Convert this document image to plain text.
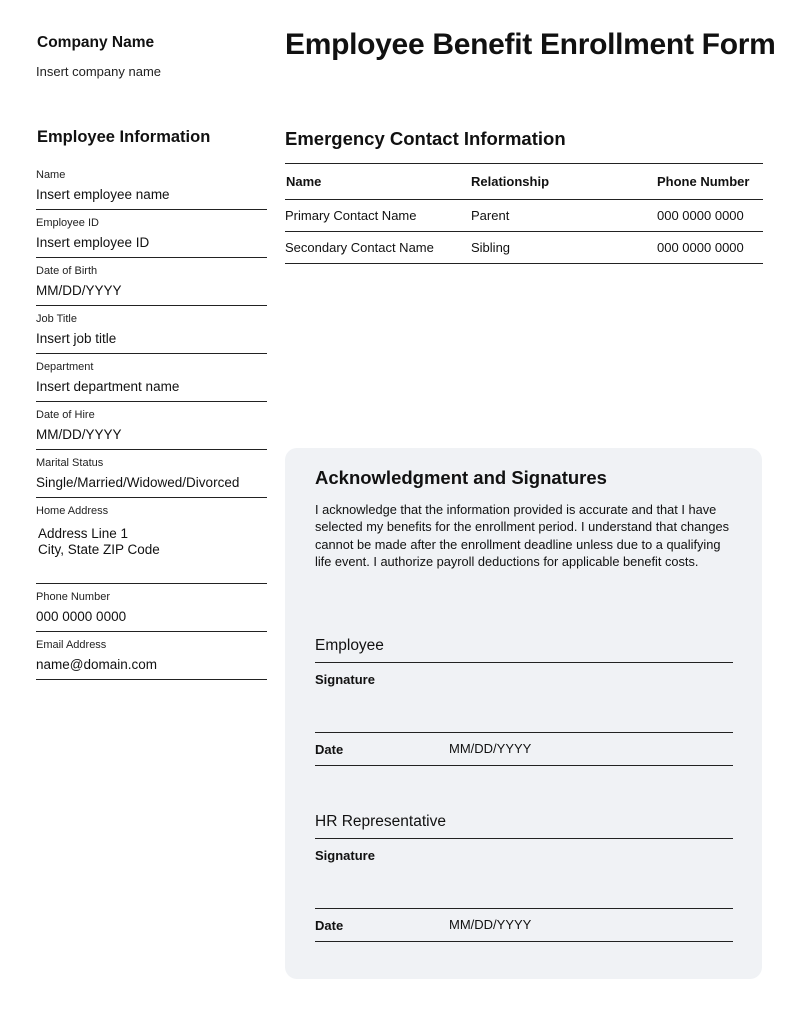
Company Name
Insert company name
Employee Benefit Enrollment Form
Employee Information
Name
Insert employee name
Employee ID
Insert employee ID
Date of Birth
MM/DD/YYYY
Job Title
Insert job title
Department
Insert department name
Date of Hire
MM/DD/YYYY
Marital Status
Single/Married/Widowed/Divorced
Home Address
Address Line 1
City, State ZIP Code
Phone Number
000 0000 0000
Email Address
name@domain.com
Emergency Contact Information
Name	Relationship	Phone Number
Primary Contact Name	Parent	000 0000 0000
Secondary Contact Name	Sibling	000 0000 0000
Acknowledgment and Signatures

I acknowledge that the information provided is accurate and that I have selected my benefits for the enrollment period. I understand that changes cannot be made after the enrollment deadline unless due to a qualifying life event. I authorize payroll deductions for applicable benefit costs.

Employee
Signature
Date	MM/DD/YYYY
HR Representative
Signature
Date	MM/DD/YYYY
